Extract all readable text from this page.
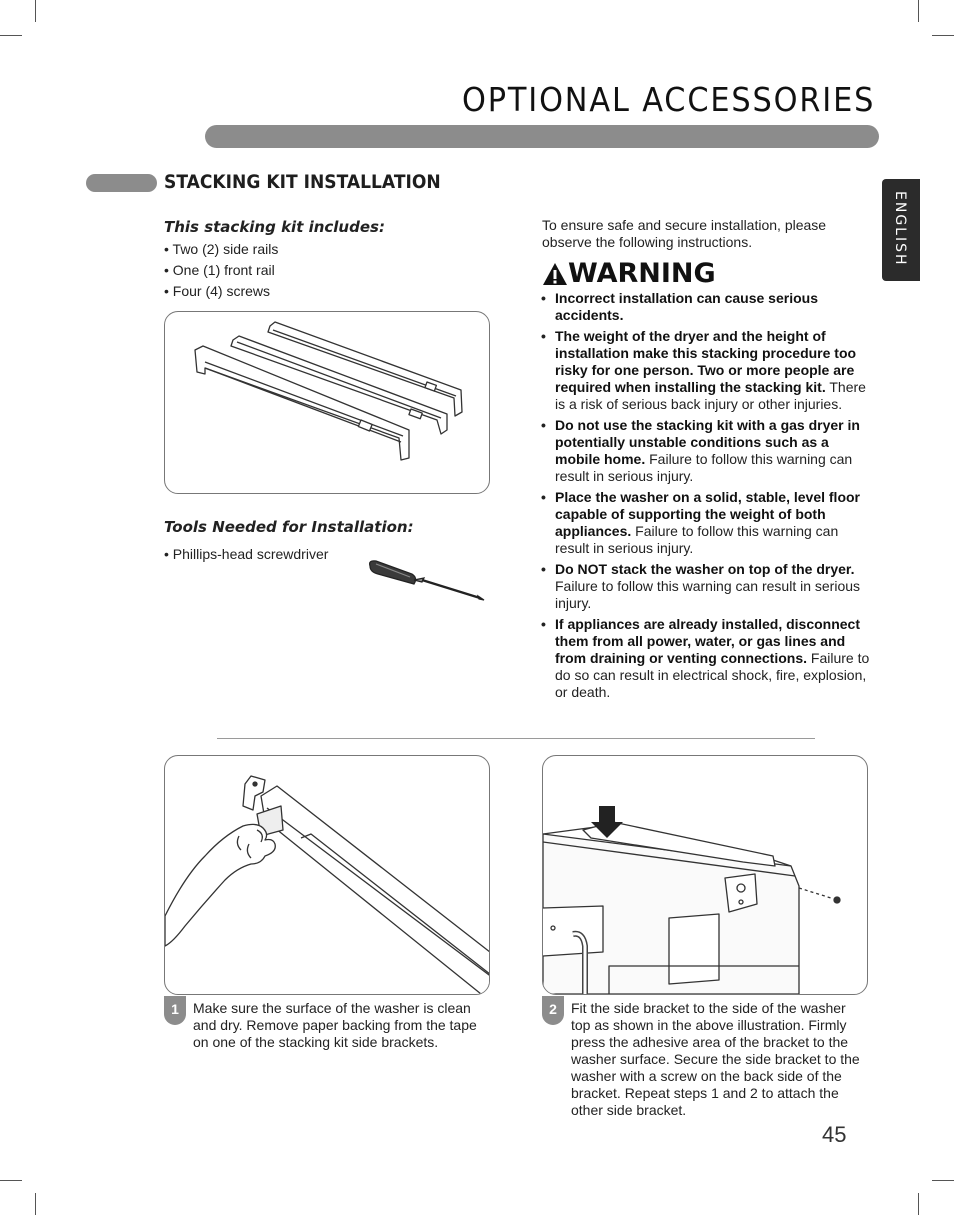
OPTIONAL ACCESSORIES
ENGLISH
STACKING KIT INSTALLATION
This stacking kit includes:
• Two (2) side rails
• One (1) front rail
• Four (4) screws
Tools Needed for Installation:
• Phillips-head screwdriver
To ensure safe and secure installation, please observe the following instructions.
WARNING
• Incorrect installation can cause serious accidents.
• The weight of the dryer and the height of installation make this stacking procedure too risky for one person. Two or more people are required when installing the stacking kit. There is a risk of serious back injury or other injuries.
• Do not use the stacking kit with a gas dryer in potentially unstable conditions such as a mobile home. Failure to follow this warning can result in serious injury.
• Place the washer on a solid, stable, level floor capable of supporting the weight of both appliances. Failure to follow this warning can result in serious injury.
• Do NOT stack the washer on top of the dryer.
Failure to follow this warning can result in serious injury.
• If appliances are already installed, disconnect them from all power, water, or gas lines and from draining or venting connections. Failure to do so can result in electrical shock, fire, explosion, or death.
1	Make sure the surface of the washer is clean and dry. Remove paper backing from the tape on one of the stacking kit side brackets.
2	Fit the side bracket to the side of the washer top as shown in the above illustration. Firmly press the adhesive area of the bracket to the washer surface. Secure the side bracket to the washer with a screw on the back side of the bracket. Repeat steps 1 and 2 to attach the other side bracket.
45
